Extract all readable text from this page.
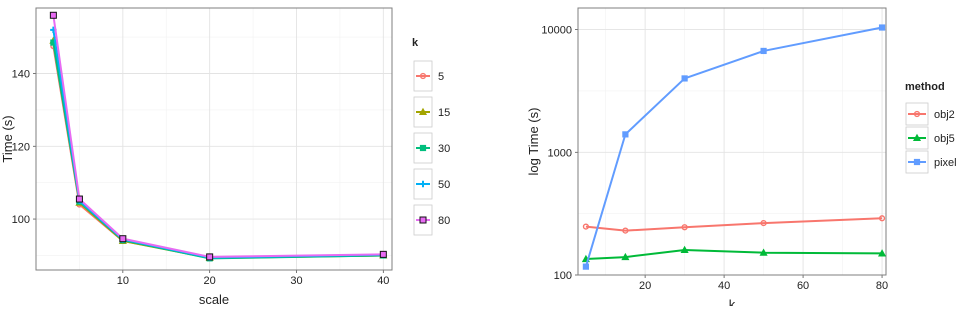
10	20	30	40
100
120
140
scale
Time (s)
k
5
15
30
50
80
20	40	60	80
100
1000
10000
k
log Time (s)
method
obj2
obj5
pixel
